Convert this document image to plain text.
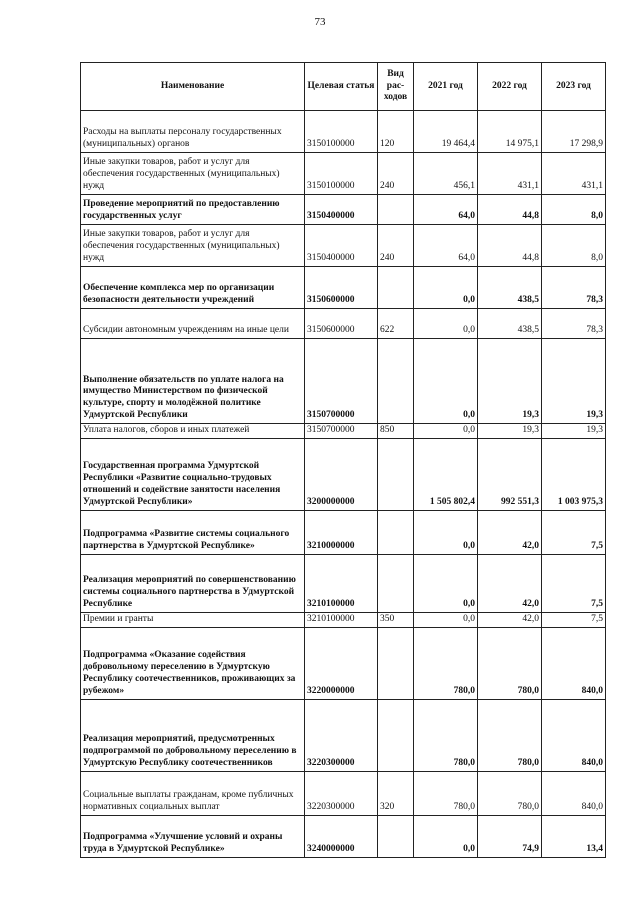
73
Наименование	Целевая статья	Вид рас-ходов	2021 год	2022 год	2023 год
Расходы на выплаты персоналу государственных (муниципальных) органов	3150100000	120	19 464,4	14 975,1	17 298,9
Иные закупки товаров, работ и услуг для обеспечения государственных (муниципальных) нужд	3150100000	240	456,1	431,1	431,1
Проведение мероприятий по предоставлению государственных услуг	3150400000		64,0	44,8	8,0
Иные закупки товаров, работ и услуг для обеспечения государственных (муниципальных) нужд	3150400000	240	64,0	44,8	8,0
Обеспечение комплекса мер по организации безопасности деятельности учреждений	3150600000		0,0	438,5	78,3
Субсидии автономным учреждениям на иные цели	3150600000	622	0,0	438,5	78,3
Выполнение обязательств по уплате налога на имущество Министерством по физической культуре, спорту и молодёжной политике Удмуртской Республики	3150700000		0,0	19,3	19,3
Уплата налогов, сборов и иных платежей	3150700000	850	0,0	19,3	19,3
Государственная программа Удмуртской Республики «Развитие социально-трудовых отношений и содействие занятости населения Удмуртской Республики»	3200000000		1 505 802,4	992 551,3	1 003 975,3
Подпрограмма «Развитие системы социального партнерства в Удмуртской Республике»	3210000000		0,0	42,0	7,5
Реализация мероприятий по совершенствованию системы социального партнерства в Удмуртской Республике	3210100000		0,0	42,0	7,5
Премии и гранты	3210100000	350	0,0	42,0	7,5
Подпрограмма «Оказание содействия добровольному переселению в Удмуртскую Республику соотечественников, проживающих за рубежом»	3220000000		780,0	780,0	840,0
Реализация мероприятий, предусмотренных подпрограммой по добровольному переселению в Удмуртскую Республику соотечественников	3220300000		780,0	780,0	840,0
Социальные выплаты гражданам, кроме публичных нормативных социальных выплат	3220300000	320	780,0	780,0	840,0
Подпрограмма «Улучшение условий и охраны труда в Удмуртской Республике»	3240000000		0,0	74,9	13,4
